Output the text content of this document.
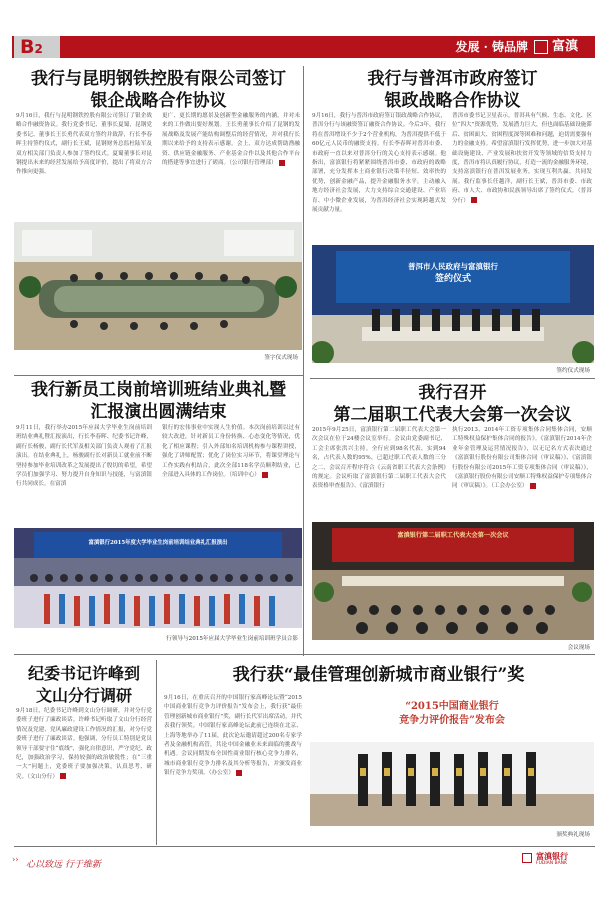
B2	发展 · 铸品牌 富滇
我行与昆明钢铁控股有限公司签订
银企战略合作协议
9月16日，我行与昆明钢铁控股有限公司签订了银企战略合作融资协议。我行党委书记、董事长夏蜀，昆钢党委书记、董事长王长勇代表双方签约并致辞，行长李春晖主持签约仪式，副行长王斌，昆钢财务总监杜陆军及双方相关部门负责人参加了签约仪式。夏蜀董事长对昆钢提出未来的经营发展给予高度评价，提出了将双方合作推向更强、
更广、更长期的愿景及创新型金融服务的内涵，并对未来的工作做出要好规划。王长勇董事长介绍了昆钢的发展战略及发展产能结构调整后的经营情况，并对我行长期以来给予的支持表示感谢。会上，双方达成帮助渔融资、供应链金融服务、产业基金合作以及其他合作平台的搭建等事宜进行了磋商。（公司银行管理部）
签字仪式现场
我行与普洱市政府签订
银政战略合作协议
9月16日，我行与普洱市政府签订银政战略合作协议，普洱分行与该融资签订融资合作协议。今后3年，我行将在普洱增设不少于2个营业机构，为普洱提供不低于60亿元人民币的融资支持。行长李春晖对普洱市委、市政府一直以来对普洱分行的关心支持表示感谢。他指出，富滇银行将紧紧围绕普洱市委、市政府的战略部署，充分发挥本土商业银行决策半径短、效率快的优势，创新金融产品，提升金融服务水平，主动融入地方经济社会发展，大力支持综合交通建设、产业培育、中小微企业发展，为普洱经济社会实现跨越式发展贡献力量。
普洱市委书记卫星表示，普洱具有气候、生态、文化、区位“四大”资源优势，发展潜力巨大，但也面临基础设施滞后、贫困面大、贫困程度深等困难和问题，迫切需要强有力的金融支持。希望富滇银行发挥优势，进一步加大对基础设施建设、产业发展和扶贫开发等领域的信贷支持力度，普洱市将认真履行协议，打造一流的金融服务环境，支持富滇银行在普洱发展业务，实现互利共赢、共同发展。我行监事长任越洋，副行长王斌，普洱市委、市政府、市人大、市政协和民族领导出席了签约仪式。（普洱分行）
普洱市人民政府与富滇银行
签约仪式
签约仪式现场
我行新员工岗前培训班结业典礼暨
汇报演出圆满结束
9月11日，我行举办2015年应届大学毕业生岗前培训班结业典礼暨汇报演出，行长李春晖、纪委书记许峰，副行长杨骏，副行长代军及相关部门负责人观看了汇报演出。在结业典礼上，杨骏副行长对新员工就业前不断坚持参加毕业培训改革之发展提出了殷切的希望，希望学员们加强学习、努力提升自身知识与技能，与富滇银行共同成长。在富滇
银行的宏伟事业中实现人生价值。本次岗前培训以过有较大改进，针对新员工身份转换、心态变化等情况，优化了相应课程；引入外部知名培训机构参与课程讲授，强化了讲师配置；优化了岗位实习环节，将课堂理论与工作实践有机结合，此次全部118名学员顺利结业，已全部进入具体的工作岗位。（培训中心）
富滇银行2015年度大学毕业生岗前培训结业典礼汇报演出
行领导与2015年应届大学毕业生岗前培训班学员合影
我行召开
第二届职工代表大会第一次会议
2015年9月25日，富滇银行第二届职工代表大会第一次会议在位于24楼会议室举行。会议由党委副书记、工会主席张洪兴主持。全行应到98名代表，实到94名，占代表人数的95%，已超过职工代表人数的三分之二，会议召开程序符合《云南省职工代表大会条例》的规定。会议听取了富滇银行第二届职工代表大会代表资格审查报告》、《富滇银行
执行2013、2014年工资专项集体合同集体合同，安顺工特殊权益保护集体合同的报告》。《富滇银行2014年企业年金管理及运营情况报告》，以无记名方式表决通过《富滇银行股份有限公司集体合同（审议稿）》、《富滇银行股份有限公司2015年工资专项集体合同（审议稿）》，《富滇银行股份有限公司安顺工特殊权益保护专项集体合同（审议稿）》。（工会办公室）
富滇银行第二届职工代表大会第一次会议
会议现场
纪委书记许峰到
文山分行调研
9月18日，纪委书记许峰到文山分行调研，并对分行党委班子进行了廉政谈话。许峰书记听取了文山分行经营情况及党建、党风廉政建设工作情况的汇报，对分行党委班子进行了廉政谈话。他强调，分行员工特别是党员领导干部要守住“底线”，强化自律意识，严守党纪、政纪，加强政治学习，保持较强的政治敏锐性；在“三重一大”问题上，党委班子要加强决策，认真思考、研究。（文山分行）
我行获“最佳管理创新城市商业银行”奖
9月16日，在重庆召开的中国银行家高峰论坛暨“2015中国商业银行竞争力评价报告”发布会上，我行获“最佳管理创新城市商业银行”奖，副行长代军出席活动，并代表我行领奖。中国银行家高峰论坛此前已连续在北京、上海等地举办了11届，此次论坛邀请超过200名专家学者及金融机构高管，共论中国金融业未来面临的挑战与机遇。会议同期发布全国性商业银行核心竞争力排名，城市商业银行竞争力排名及其分析等报告，并颁发商业银行竞争力奖项。（办公室）
“2015中国商业银行
竞争力评价报告”发布会
颁奖典礼现场
››
心以致远 行于维新
富滇银行
FUDIAN BANK
